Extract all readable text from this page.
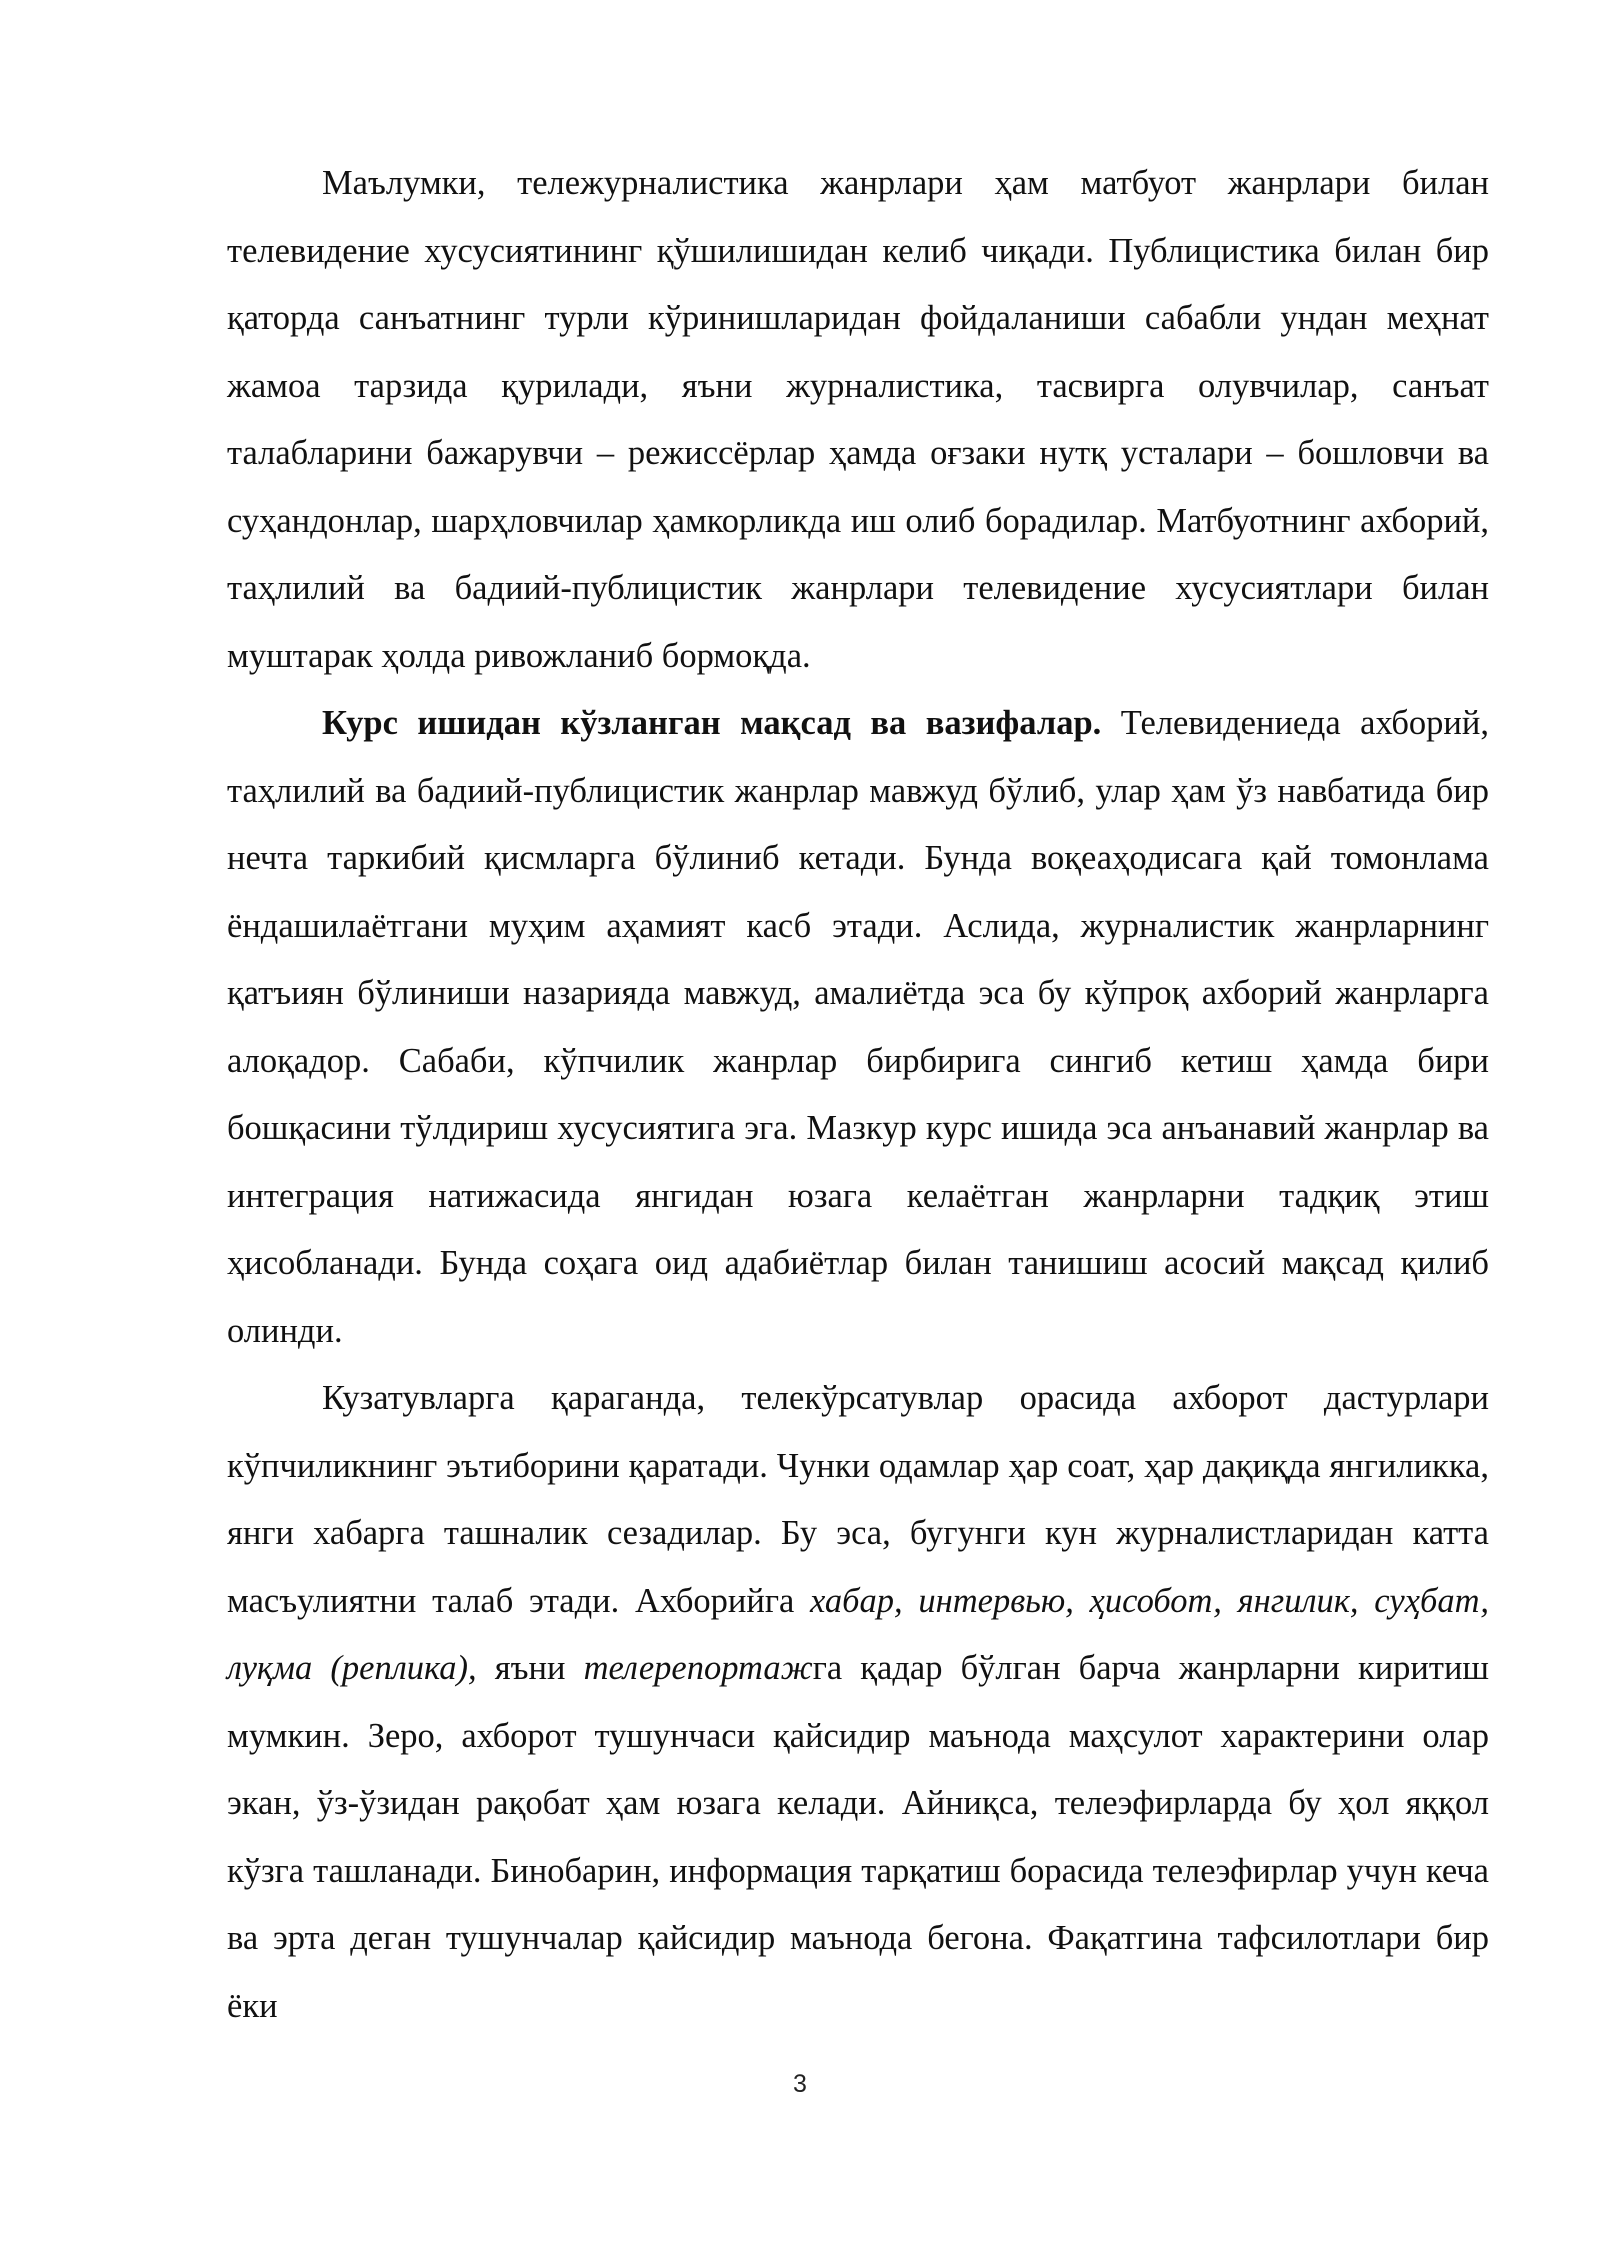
Маълумки, тележурналистика жанрлари ҳам матбуот жанрлари билан телевидение хусусиятининг қўшилишидан келиб чиқади. Публицистика билан бир қаторда санъатнинг турли кўринишларидан фойдаланиши сабабли ундан меҳнат жамоа тарзида қурилади, яъни журналистика, тасвирга олувчилар, санъат талабларини бажарувчи – режиссёрлар ҳамда оғзаки нутқ усталари – бошловчи ва суҳандонлар, шарҳловчилар ҳамкорликда иш олиб борадилар. Матбуотнинг ахборий, таҳлилий ва бадиий-публицистик жанрлари телевидение хусусиятлари билан муштарак ҳолда ривожланиб бормоқда.

Курс ишидан кўзланган мақсад ва вазифалар. Телевидениеда ахборий, таҳлилий ва бадиий-публицистик жанрлар мавжуд бўлиб, улар ҳам ўз навбатида бир нечта таркибий қисмларга бўлиниб кетади. Бунда воқеаҳодисага қай томонлама ёндашилаётгани муҳим аҳамият касб этади. Аслида, журналистик жанрларнинг қатъиян бўлиниши назарияда мавжуд, амалиётда эса бу кўпроқ ахборий жанрларга алоқадор. Сабаби, кўпчилик жанрлар бирбирига сингиб кетиш ҳамда бири бошқасини тўлдириш хусусиятига эга. Мазкур курс ишида эса анъанавий жанрлар ва интеграция натижасида янгидан юзага келаётган жанрларни тадқиқ этиш ҳисобланади. Бунда соҳага оид адабиётлар билан танишиш асосий мақсад қилиб олинди.

Кузатувларга қараганда, телекўрсатувлар орасида ахборот дастурлари кўпчиликнинг эътиборини қаратади. Чунки одамлар ҳар соат, ҳар дақиқда янгиликка, янги хабарга ташналик сезадилар. Бу эса, бугунги кун журналистларидан катта масъулиятни талаб этади. Ахборийга хабар, интервью, ҳисобот, янгилик, суҳбат, луқма (реплика), яъни телерепортажга қадар бўлган барча жанрларни киритиш мумкин. Зеро, ахборот тушунчаси қайсидир маънода маҳсулот характерини олар экан, ўз-ўзидан рақобат ҳам юзага келади. Айниқса, телеэфирларда бу ҳол яққол кўзга ташланади. Бинобарин, информация тарқатиш борасида телеэфирлар учун кеча ва эрта деган тушунчалар қайсидир маънода бегона. Фақатгина тафсилотлари бир ёки

3
